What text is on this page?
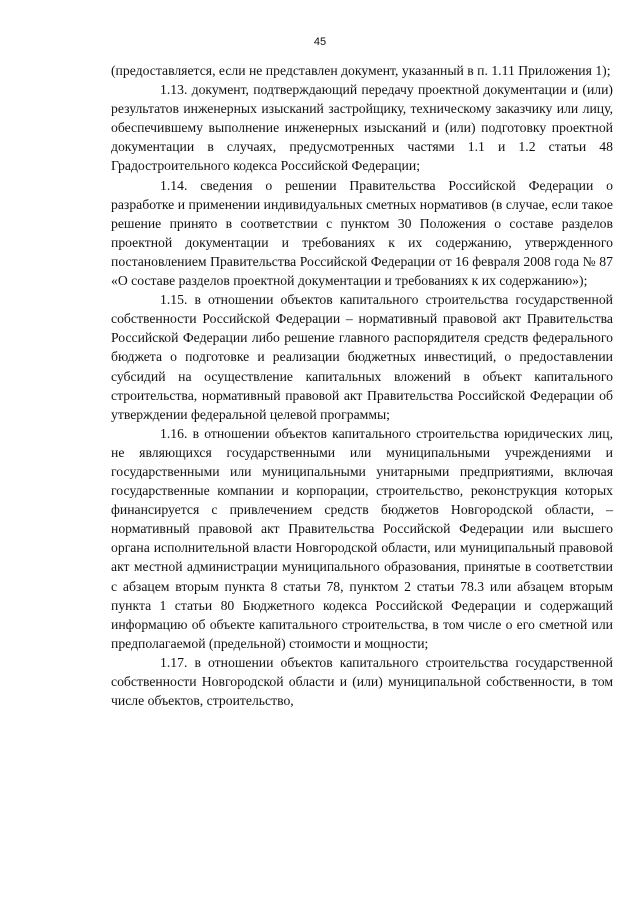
45

(предоставляется, если не представлен документ, указанный в п. 1.11 Приложения 1);

1.13. документ, подтверждающий передачу проектной документации и (или) результатов инженерных изысканий застройщику, техническому заказчику или лицу, обеспечившему выполнение инженерных изысканий и (или) подготовку проектной документации в случаях, предусмотренных частями 1.1 и 1.2 статьи 48 Градостроительного кодекса Российской Федерации;

1.14. сведения о решении Правительства Российской Федерации о разработке и применении индивидуальных сметных нормативов (в случае, если такое решение принято в соответствии с пунктом 30 Положения о составе разделов проектной документации и требованиях к их содержанию, утвержденного постановлением Правительства Российской Федерации от 16 февраля 2008 года № 87 «О составе разделов проектной документации и требованиях к их содержанию»);

1.15. в отношении объектов капитального строительства государственной собственности Российской Федерации – нормативный правовой акт Правительства Российской Федерации либо решение главного распорядителя средств федерального бюджета о подготовке и реализации бюджетных инвестиций, о предоставлении субсидий на осуществление капитальных вложений в объект капитального строительства, нормативный правовой акт Правительства Российской Федерации об утверждении федеральной целевой программы;

1.16. в отношении объектов капитального строительства юридических лиц, не являющихся государственными или муниципальными учреждениями и государственными или муниципальными унитарными предприятиями, включая государственные компании и корпорации, строительство, реконструкция которых финансируется с привлечением средств бюджетов Новгородской области, – нормативный правовой акт Правительства Российской Федерации или высшего органа исполнительной власти Новгородской области, или муниципальный правовой акт местной администрации муниципального образования, принятые в соответствии с абзацем вторым пункта 8 статьи 78, пунктом 2 статьи 78.3 или абзацем вторым пункта 1 статьи 80 Бюджетного кодекса Российской Федерации и содержащий информацию об объекте капитального строительства, в том числе о его сметной или предполагаемой (предельной) стоимости и мощности;

1.17. в отношении объектов капитального строительства государственной собственности Новгородской области и (или) муниципальной собственности, в том числе объектов, строительство,
